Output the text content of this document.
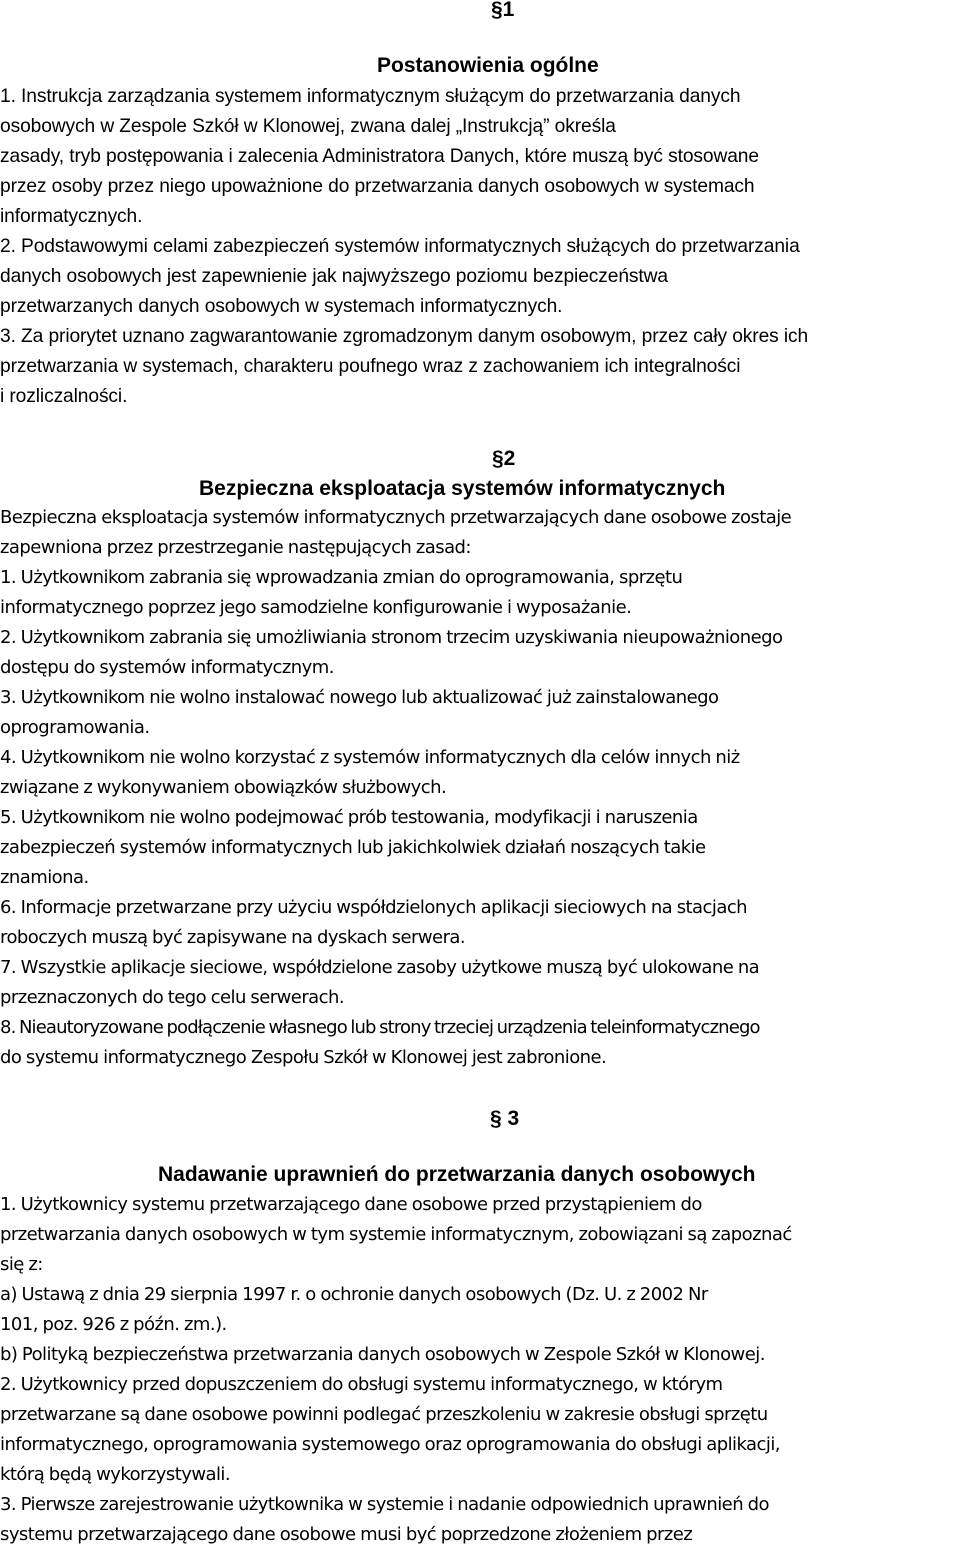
§1
Postanowienia ogólne
1. Instrukcja zarządzania systemem informatycznym służącym do przetwarzania danych
osobowych w Zespole Szkół w Klonowej, zwana dalej „Instrukcją” określa
zasady, tryb postępowania i zalecenia Administratora Danych, które muszą być stosowane
przez osoby przez niego upoważnione do przetwarzania danych osobowych w systemach
informatycznych.
2. Podstawowymi celami zabezpieczeń systemów informatycznych służących do przetwarzania
danych osobowych jest zapewnienie jak najwyższego poziomu bezpieczeństwa
przetwarzanych danych osobowych w systemach informatycznych.
3. Za priorytet uznano zagwarantowanie zgromadzonym danym osobowym, przez cały okres ich
przetwarzania w systemach, charakteru poufnego wraz z zachowaniem ich integralności
i rozliczalności.
§2
Bezpieczna eksploatacja systemów informatycznych
Bezpieczna eksploatacja systemów informatycznych przetwarzających dane osobowe zostaje
zapewniona przez przestrzeganie następujących zasad:
1. Użytkownikom zabrania się wprowadzania zmian do oprogramowania, sprzętu
informatycznego poprzez jego samodzielne konfigurowanie i wyposażanie.
2. Użytkownikom zabrania się umożliwiania stronom trzecim uzyskiwania nieupoważnionego
dostępu do systemów informatycznym.
3. Użytkownikom nie wolno instalować nowego lub aktualizować już zainstalowanego
oprogramowania.
4. Użytkownikom nie wolno korzystać z systemów informatycznych dla celów innych niż
związane z wykonywaniem obowiązków służbowych.
5. Użytkownikom nie wolno podejmować prób testowania, modyfikacji i naruszenia
zabezpieczeń systemów informatycznych lub jakichkolwiek działań noszących takie
znamiona.
6. Informacje przetwarzane przy użyciu współdzielonych aplikacji sieciowych na stacjach
roboczych muszą być zapisywane na dyskach serwera.
7. Wszystkie aplikacje sieciowe, współdzielone zasoby użytkowe muszą być ulokowane na
przeznaczonych do tego celu serwerach.
8. Nieautoryzowane podłączenie własnego lub strony trzeciej urządzenia teleinformatycznego
do systemu informatycznego Zespołu Szkół w Klonowej jest zabronione.
§ 3
Nadawanie uprawnień do przetwarzania danych osobowych
1. Użytkownicy systemu przetwarzającego dane osobowe przed przystąpieniem do
przetwarzania danych osobowych w tym systemie informatycznym, zobowiązani są zapoznać
się z:
a) Ustawą z dnia 29 sierpnia 1997 r. o ochronie danych osobowych (Dz. U. z 2002 Nr
101, poz. 926 z późn. zm.).
b) Polityką bezpieczeństwa przetwarzania danych osobowych w Zespole Szkół w Klonowej.
2. Użytkownicy przed dopuszczeniem do obsługi systemu informatycznego, w którym
przetwarzane są dane osobowe powinni podlegać przeszkoleniu w zakresie obsługi sprzętu
informatycznego, oprogramowania systemowego oraz oprogramowania do obsługi aplikacji,
którą będą wykorzystywali.
3. Pierwsze zarejestrowanie użytkownika w systemie i nadanie odpowiednich uprawnień do
systemu przetwarzającego dane osobowe musi być poprzedzone złożeniem przez
